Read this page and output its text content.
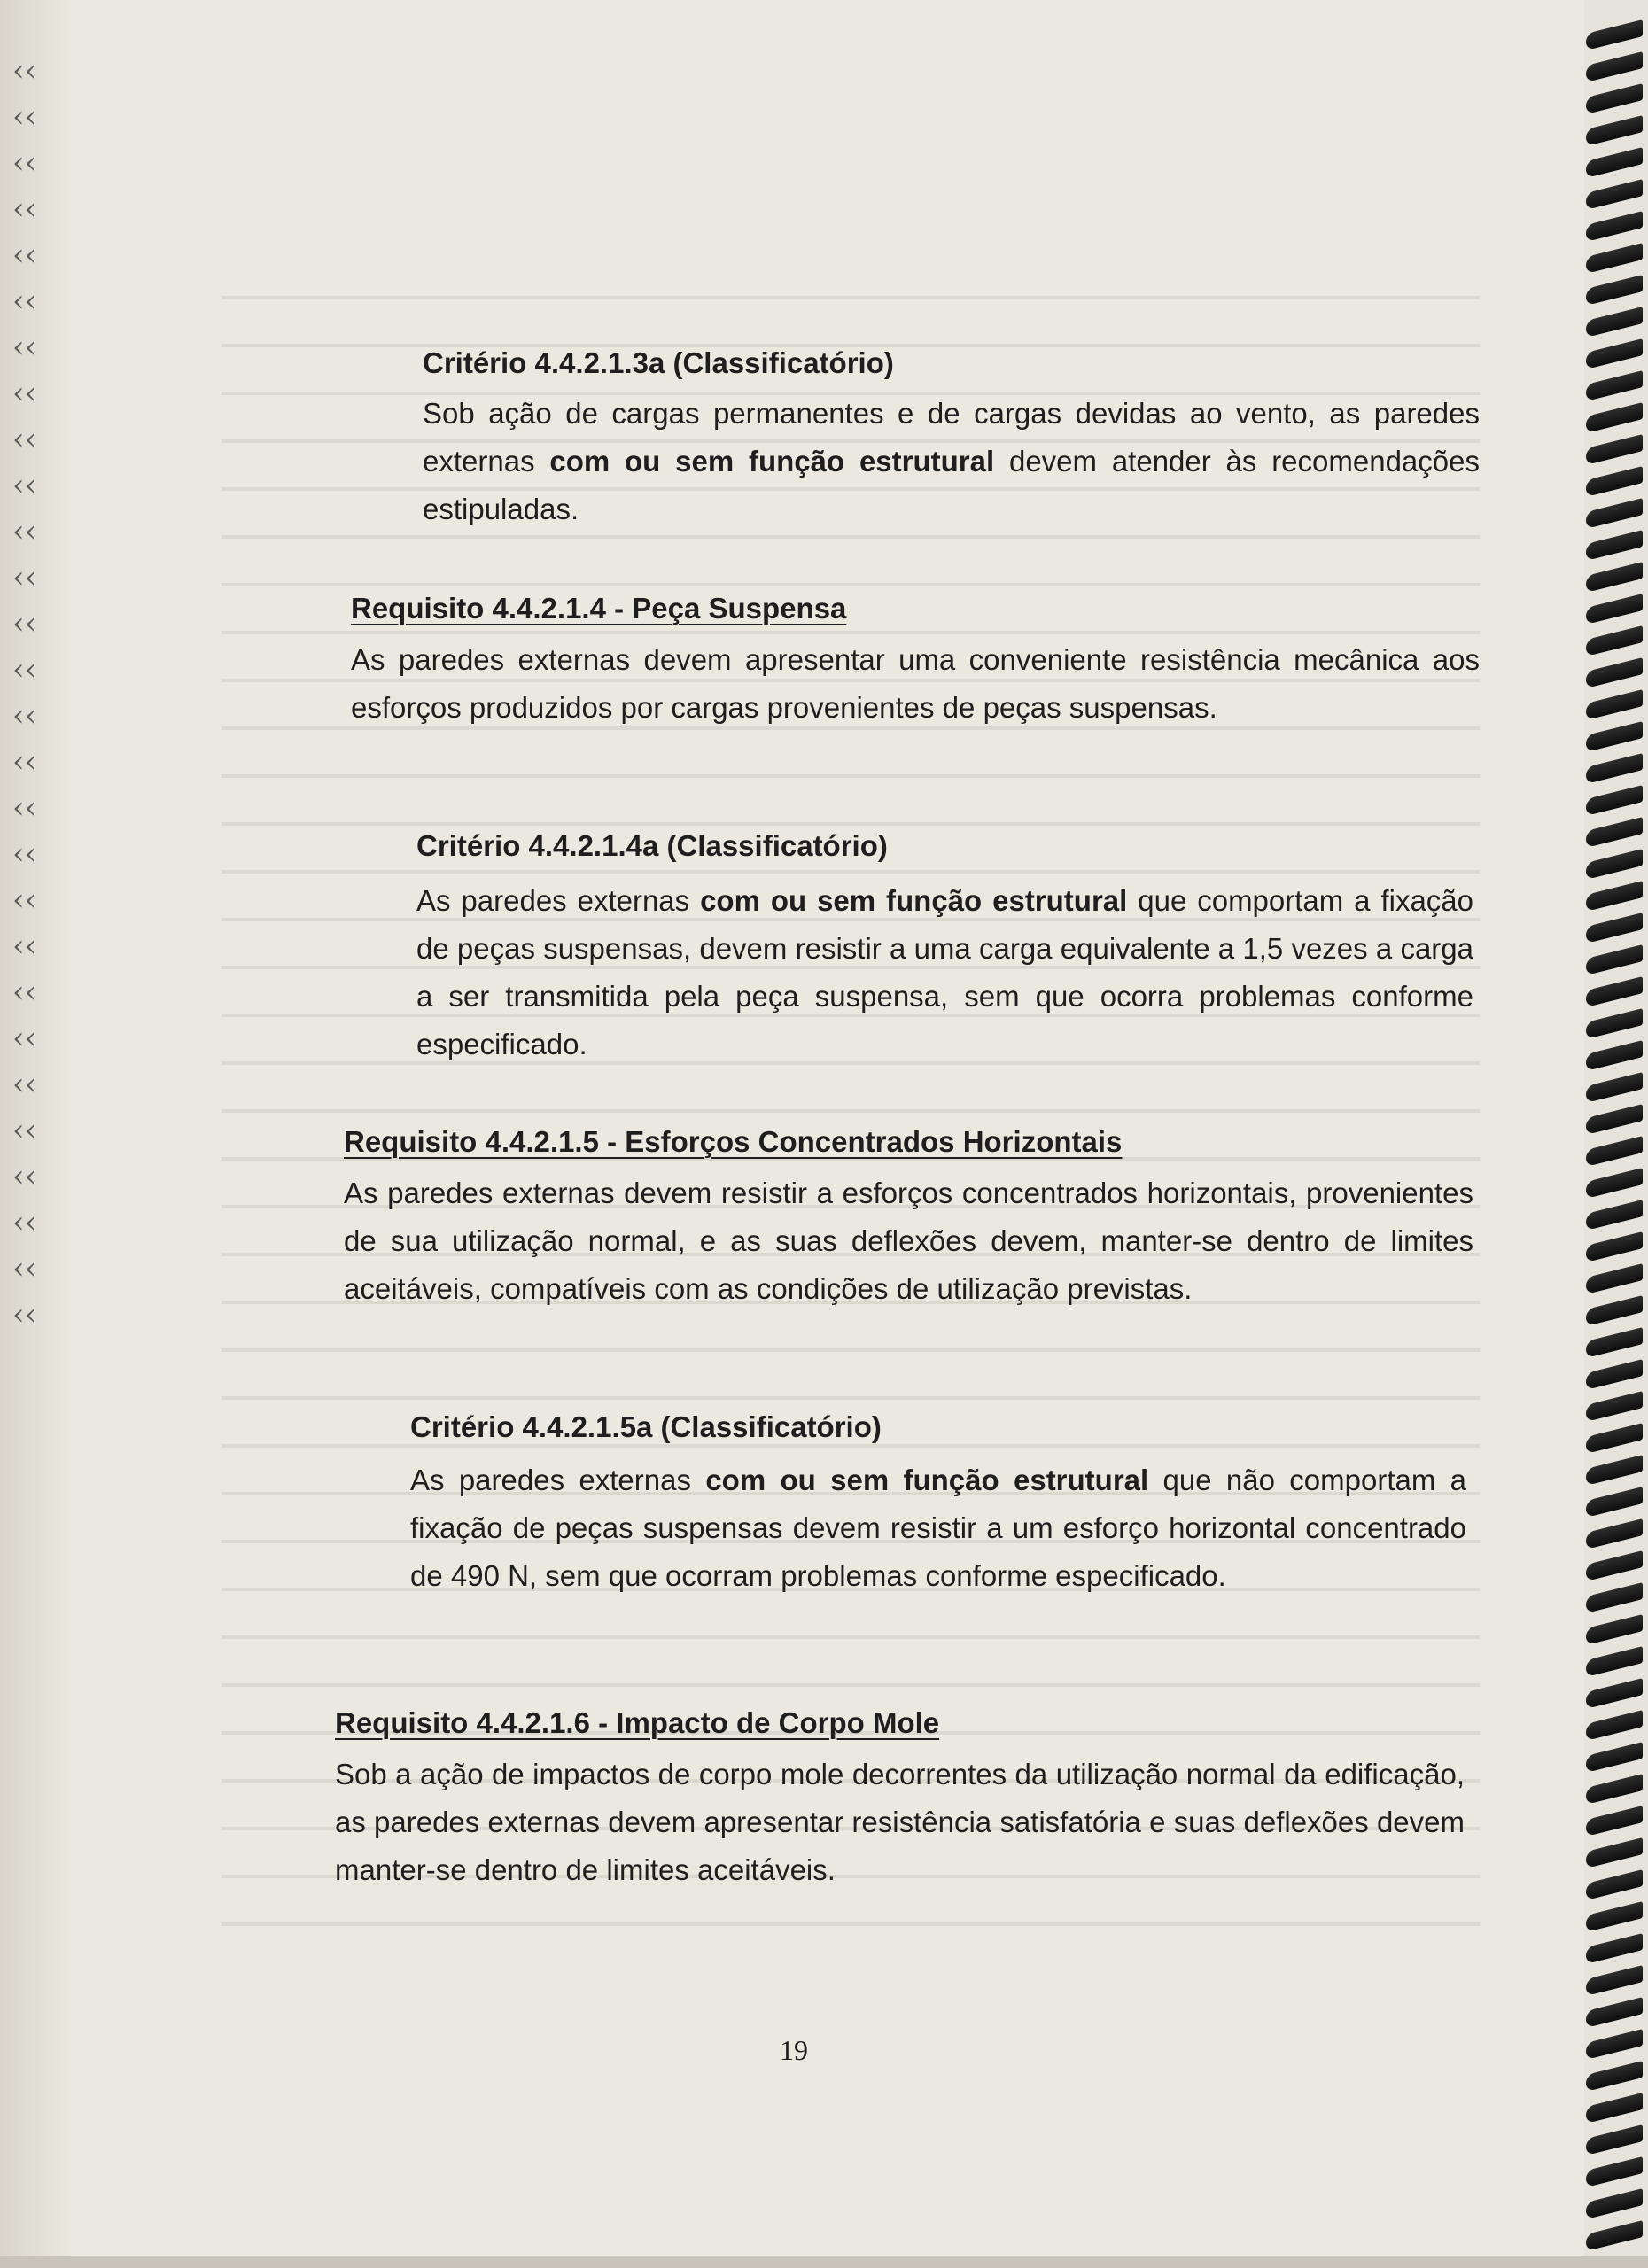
‹‹
‹‹
‹‹
‹‹
‹‹
‹‹
‹‹
‹‹
‹‹
‹‹
‹‹
‹‹
‹‹
‹‹
‹‹
‹‹
‹‹
‹‹
‹‹
‹‹
‹‹
‹‹
‹‹
‹‹
‹‹
‹‹
‹‹
‹‹
Critério 4.4.2.1.3a (Classificatório)

Sob ação de cargas permanentes e de cargas devidas ao vento, as paredes externas com ou sem função estrutural devem atender às recomendações estipuladas.

Requisito 4.4.2.1.4 - Peça Suspensa

As paredes externas devem apresentar uma conveniente resistência mecânica aos esforços produzidos por cargas provenientes de peças suspensas.

Critério 4.4.2.1.4a (Classificatório)

As paredes externas com ou sem função estrutural que comportam a fixação de peças suspensas, devem resistir a uma carga equivalente a 1,5 vezes a carga a ser transmitida pela peça suspensa, sem que ocorra problemas conforme especificado.

Requisito 4.4.2.1.5 - Esforços Concentrados Horizontais

As paredes externas devem resistir a esforços concentrados horizontais, provenientes de sua utilização normal, e as suas deflexões devem, manter-se dentro de limites aceitáveis, compatíveis com as condições de utilização previstas.

Critério 4.4.2.1.5a (Classificatório)

As paredes externas com ou sem função estrutural que não comportam a fixação de peças suspensas devem resistir a um esforço horizontal concentrado de 490 N, sem que ocorram problemas conforme especificado.

Requisito 4.4.2.1.6 - Impacto de Corpo Mole

Sob a ação de impactos de corpo mole decorrentes da utilização normal da edificação, as paredes externas devem apresentar resistência satisfatória e suas deflexões devem manter-se dentro de limites aceitáveis.

19
